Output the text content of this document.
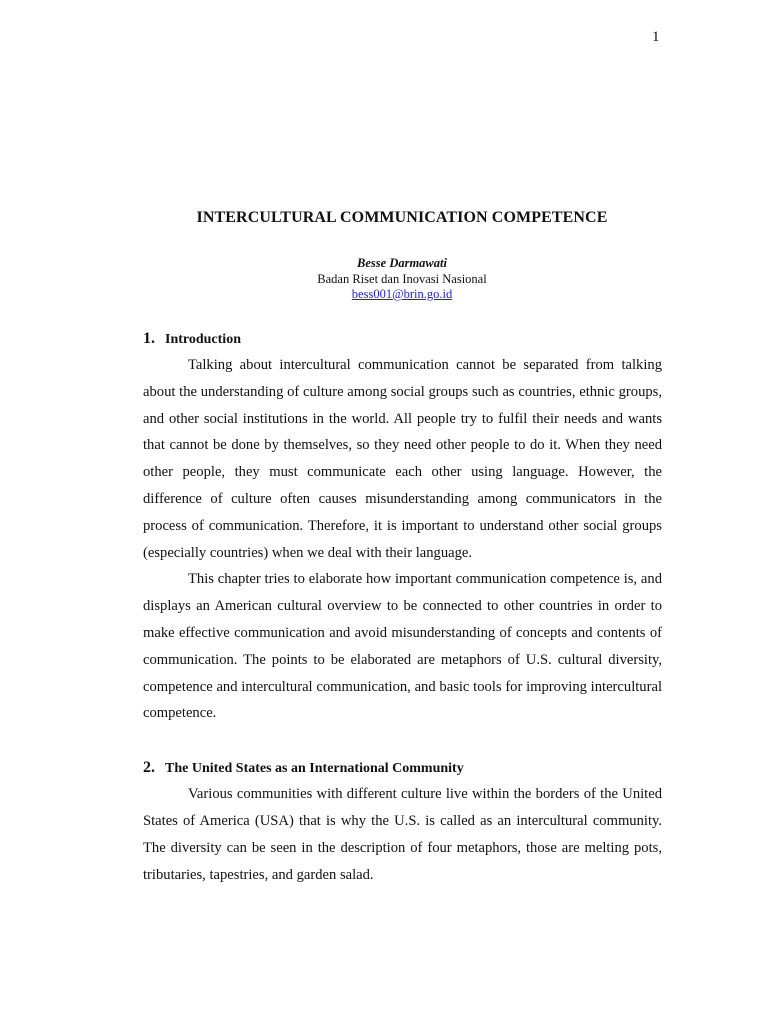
1
INTERCULTURAL COMMUNICATION COMPETENCE
Besse Darmawati
Badan Riset dan Inovasi Nasional
bess001@brin.go.id
1. Introduction

Talking about intercultural communication cannot be separated from talking about the understanding of culture among social groups such as countries, ethnic groups, and other social institutions in the world. All people try to fulfil their needs and wants that cannot be done by themselves, so they need other people to do it. When they need other people, they must communicate each other using language. However, the difference of culture often causes misunderstanding among communicators in the process of communication. Therefore, it is important to understand other social groups (especially countries) when we deal with their language.

This chapter tries to elaborate how important communication competence is, and displays an American cultural overview to be connected to other countries in order to make effective communication and avoid misunderstanding of concepts and contents of communication. The points to be elaborated are metaphors of U.S. cultural diversity, competence and intercultural communication, and basic tools for improving intercultural competence.

2. The United States as an International Community

Various communities with different culture live within the borders of the United States of America (USA) that is why the U.S. is called as an intercultural community. The diversity can be seen in the description of four metaphors, those are melting pots, tributaries, tapestries, and garden salad.
